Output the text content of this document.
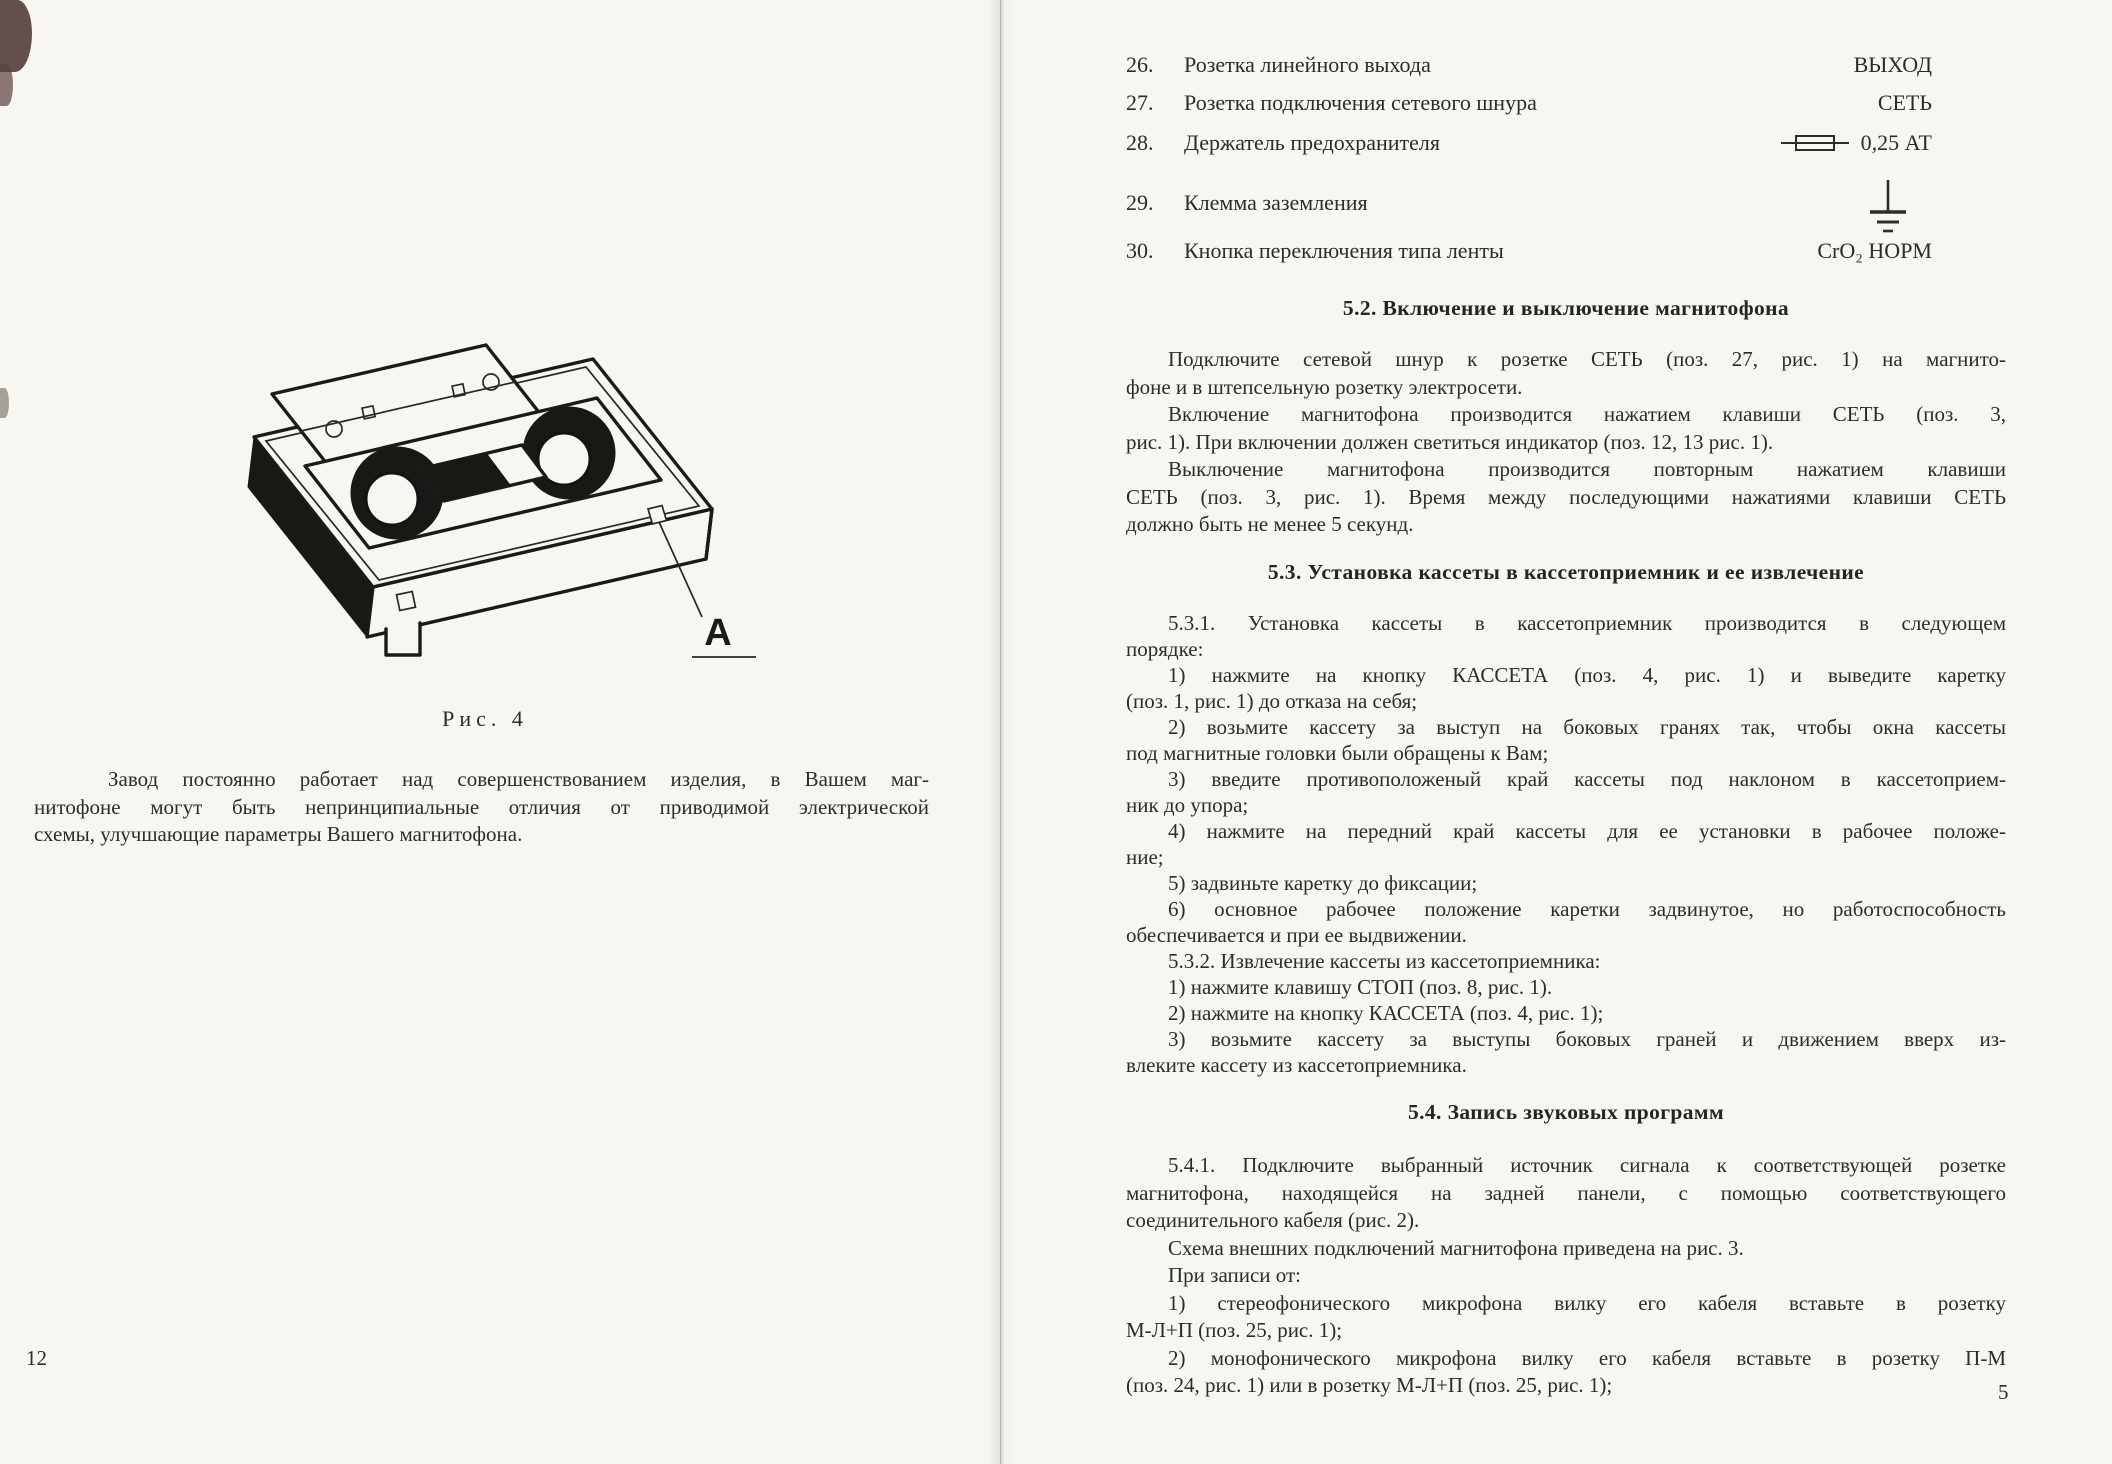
А
Рис. 4
Завод постоянно работает над совершенствованием изделия, в Вашем маг-
нитофоне могут быть непринципиальные отличия от приводимой электрической
схемы, улучшающие параметры Вашего магнитофона.
12
26.	Розетка линейного выхода	ВЫХОД
27.	Розетка подключения сетевого шнура	СЕТЬ
28.	Держатель предохранителя	0,25 АТ
29.	Клемма заземления
30.	Кнопка переключения типа ленты	CrO₂ НОРМ
5.2. Включение и выключение магнитофона
Подключите сетевой шнур к розетке СЕТЬ (поз. 27, рис. 1) на магнито-
фоне и в штепсельную розетку электросети.
Включение магнитофона производится нажатием клавиши СЕТЬ (поз. 3,
рис. 1). При включении должен светиться индикатор (поз. 12, 13 рис. 1).
Выключение магнитофона производится повторным нажатием клавиши
СЕТЬ (поз. 3, рис. 1). Время между последующими нажатиями клавиши СЕТЬ
должно быть не менее 5 секунд.
5.3. Установка кассеты в кассетоприемник и ее извлечение
5.3.1. Установка кассеты в кассетоприемник производится в следующем
порядке:
1) нажмите на кнопку КАССЕТА (поз. 4, рис. 1) и выведите каретку
(поз. 1, рис. 1) до отказа на себя;
2) возьмите кассету за выступ на боковых гранях так, чтобы окна кассеты
под магнитные головки были обращены к Вам;
3) введите противоположеный край кассеты под наклоном в кассетоприем-
ник до упора;
4) нажмите на передний край кассеты для ее установки в рабочее положе-
ние;
5) задвиньте каретку до фиксации;
6) основное рабочее положение каретки задвинутое, но работоспособность
обеспечивается и при ее выдвижении.
5.3.2. Извлечение кассеты из кассетоприемника:
1) нажмите клавишу СТОП (поз. 8, рис. 1).
2) нажмите на кнопку КАССЕТА (поз. 4, рис. 1);
3) возьмите кассету за выступы боковых граней и движением вверх из-
влеките кассету из кассетоприемника.
5.4. Запись звуковых программ
5.4.1. Подключите выбранный источник сигнала к соответствующей розетке
магнитофона, находящейся на задней панели, с помощью соответствующего
соединительного кабеля (рис. 2).
Схема внешних подключений магнитофона приведена на рис. 3.
При записи от:
1) стереофонического микрофона вилку его кабеля вставьте в розетку
М-Л+П (поз. 25, рис. 1);
2) монофонического микрофона вилку его кабеля вставьте в розетку П-М
(поз. 24, рис. 1) или в розетку М-Л+П (поз. 25, рис. 1);	5
